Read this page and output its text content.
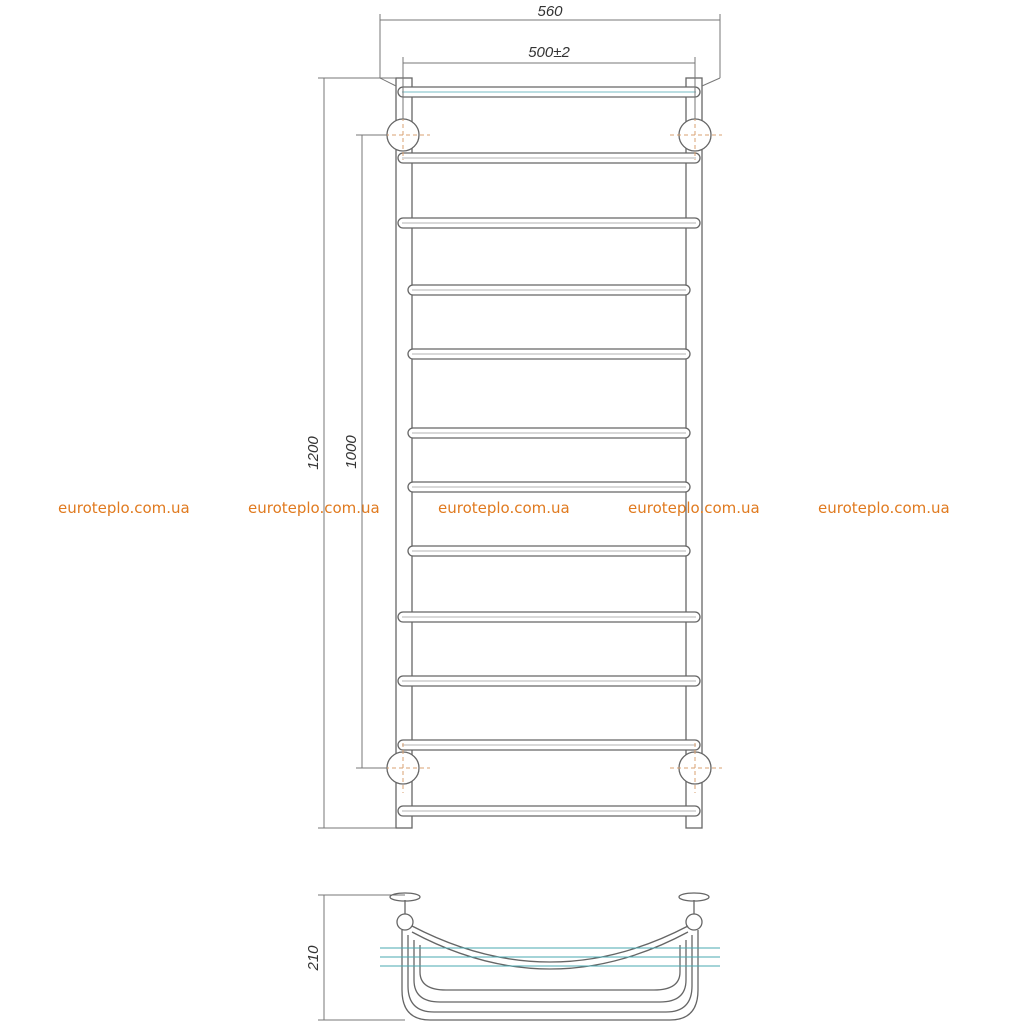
560
500±2
1200 1000
210
euroteplo.com.ua	euroteplo.com.ua	euroteplo.com.ua	euroteplo.com.ua	euroteplo.com.ua
